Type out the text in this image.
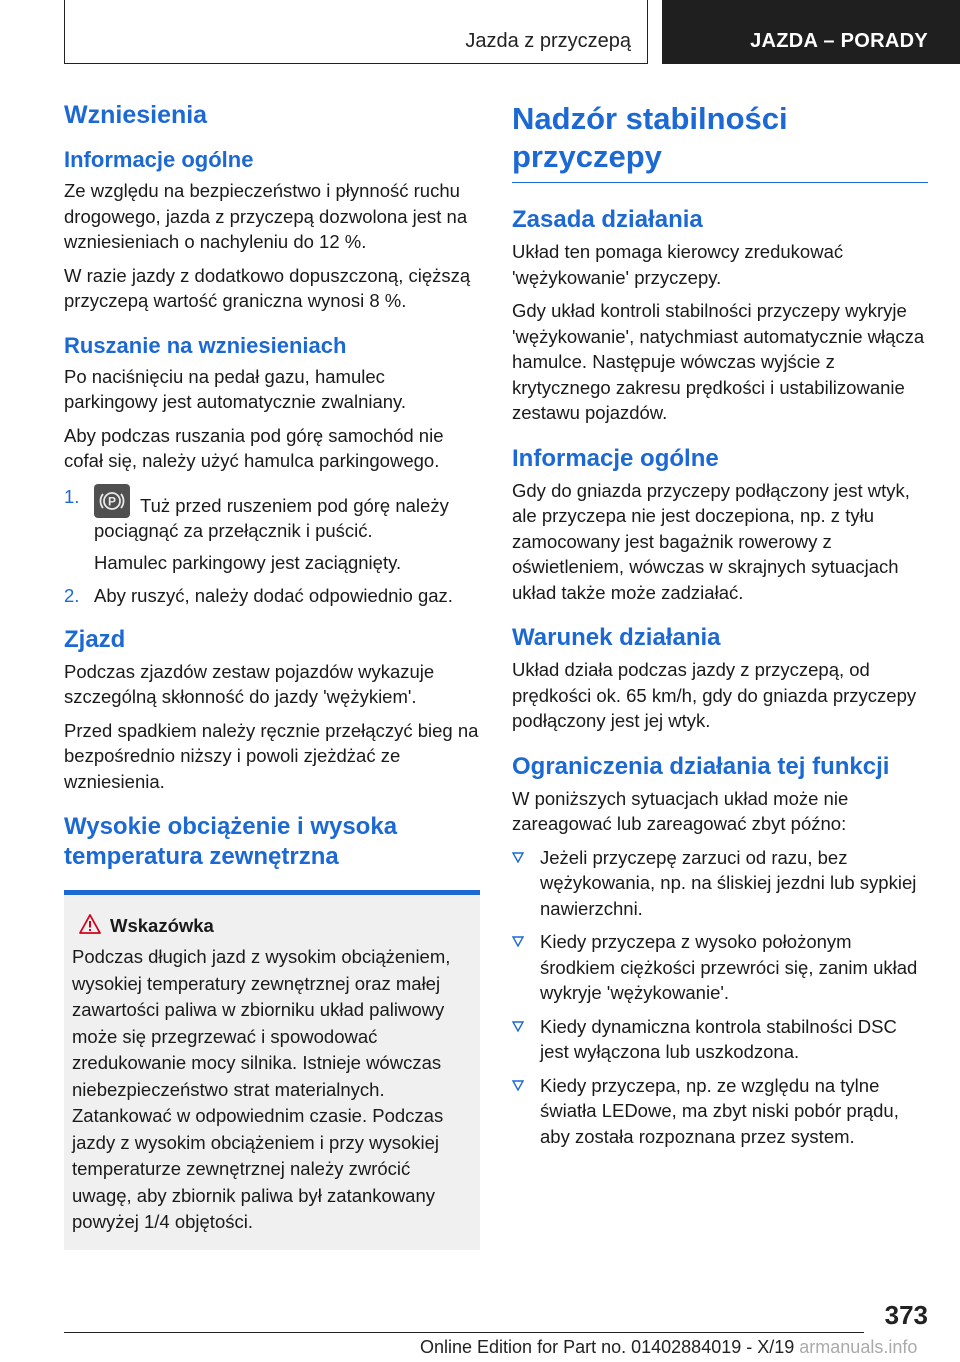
Jazda z przyczepą	JAZDA – PORADY
Wzniesienia
Informacje ogólne

Ze względu na bezpieczeństwo i płynność ruchu drogowego, jazda z przyczepą dozwolona jest na wzniesieniach o nachyleniu do 12 %.

W razie jazdy z dodatkowo dopuszczoną, cięższą przyczepą wartość graniczna wynosi 8 %.

Ruszanie na wzniesieniach

Po naciśnięciu na pedał gazu, hamulec parkingowy jest automatycznie zwalniany.

Aby podczas ruszania pod górę samochód nie cofał się, należy użyć hamulca parkingowego.

1. P Tuż przed ruszeniem pod górę należy pociągnąć za przełącznik i puścić.

Hamulec parkingowy jest zaciągnięty.

2. Aby ruszyć, należy dodać odpowiednio gaz.

Zjazd

Podczas zjazdów zestaw pojazdów wykazuje szczególną skłonność do jazdy 'wężykiem'.

Przed spadkiem należy ręcznie przełączyć bieg na bezpośrednio niższy i powoli zjeżdżać ze wzniesienia.

Wysokie obciążenie i wysoka temperatura zewnętrzna
Wskazówka

Podczas długich jazd z wysokim obciążeniem, wysokiej temperatury zewnętrznej oraz małej zawartości paliwa w zbiorniku układ paliwowy może się przegrzewać i spowodować zredukowanie mocy silnika. Istnieje wówczas niebezpieczeństwo strat materialnych. Zatankować w odpowiednim czasie. Podczas jazdy z wysokim obciążeniem i przy wysokiej temperaturze zewnętrznej należy zwrócić uwagę, aby zbiornik paliwa był zatankowany powyżej 1/4 objętości.

Nadzór stabilności przyczepy
Zasada działania

Układ ten pomaga kierowcy zredukować 'wężykowanie' przyczepy.

Gdy układ kontroli stabilności przyczepy wykryje 'wężykowanie', natychmiast automatycznie włącza hamulce. Następuje wówczas wyjście z krytycznego zakresu prędkości i ustabilizowanie zestawu pojazdów.

Informacje ogólne

Gdy do gniazda przyczepy podłączony jest wtyk, ale przyczepa nie jest doczepiona, np. z tyłu zamocowany jest bagażnik rowerowy z oświetleniem, wówczas w skrajnych sytuacjach układ także może zadziałać.

Warunek działania

Układ działa podczas jazdy z przyczepą, od prędkości ok. 65 km/h, gdy do gniazda przyczepy podłączony jest jej wtyk.

Ograniczenia działania tej funkcji

W poniższych sytuacjach układ może nie zareagować lub zareagować zbyt późno:

Jeżeli przyczepę zarzuci od razu, bez wężykowania, np. na śliskiej jezdni lub sypkiej nawierzchni.
Kiedy przyczepa z wysoko położonym środkiem ciężkości przewróci się, zanim układ wykryje 'wężykowanie'.
Kiedy dynamiczna kontrola stabilności DSC jest wyłączona lub uszkodzona.
Kiedy przyczepa, np. ze względu na tylne światła LEDowe, ma zbyt niski pobór prądu, aby została rozpoznana przez system.
373
Online Edition for Part no. 01402884019 - X/19 armanuals.info
